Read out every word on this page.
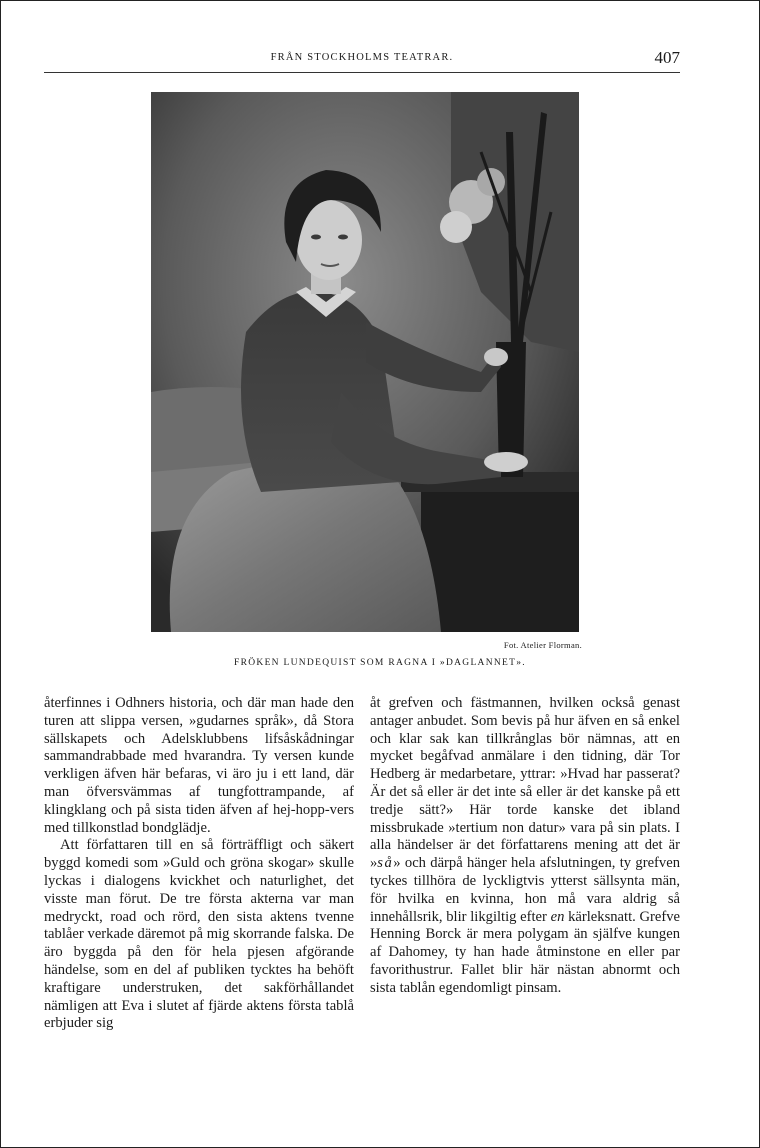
FRÅN STOCKHOLMS TEATRAR.	407
Fot. Atelier Florman.
FRÖKEN LUNDEQUIST SOM RAGNA I »DAGLANNET».

återfinnes i Odhners historia, och där man hade den turen att slippa versen, »gudarnes språk», då Stora sällskapets och Adelsklubbens lifsåskådningar sammandrabbade med hvarandra. Ty versen kunde verkligen äfven här befaras, vi äro ju i ett land, där man öfversvämmas af tungfottrampande, af klingklang och på sista tiden äfven af hej-hopp-vers med tillkonstlad bondglädje.

Att författaren till en så förträffligt och säkert byggd komedi som »Guld och gröna skogar» skulle lyckas i dialogens kvickhet och naturlighet, det visste man förut. De tre första akterna var man medryckt, road och rörd, den sista aktens tvenne tablåer verkade däremot på mig skorrande falska. De äro byggda på den för hela pjesen afgörande händelse, som en del af publiken tycktes ha behöft kraftigare understruken, det sakförhållandet nämligen att Eva i slutet af fjärde aktens första tablå erbjuder sig

åt grefven och fästmannen, hvilken också genast antager anbudet. Som bevis på hur äfven en så enkel och klar sak kan tillkrånglas bör nämnas, att en mycket begåfvad anmälare i den tidning, där Tor Hedberg är medarbetare, yttrar: »Hvad har passerat? Är det så eller är det inte så eller är det kanske på ett tredje sätt?» Här torde kanske det ibland missbrukade »tertium non datur» vara på sin plats. I alla händelser är det författarens mening att det är »så» och därpå hänger hela afslutningen, ty grefven tyckes tillhöra de lyckligtvis ytterst sällsynta män, för hvilka en kvinna, hon må vara aldrig så innehållsrik, blir likgiltig efter en kärleksnatt. Grefve Henning Borck är mera polygam än själfve kungen af Dahomey, ty han hade åtminstone en eller par favorithustrur. Fallet blir här nästan abnormt och sista tablån egendomligt pinsam.
